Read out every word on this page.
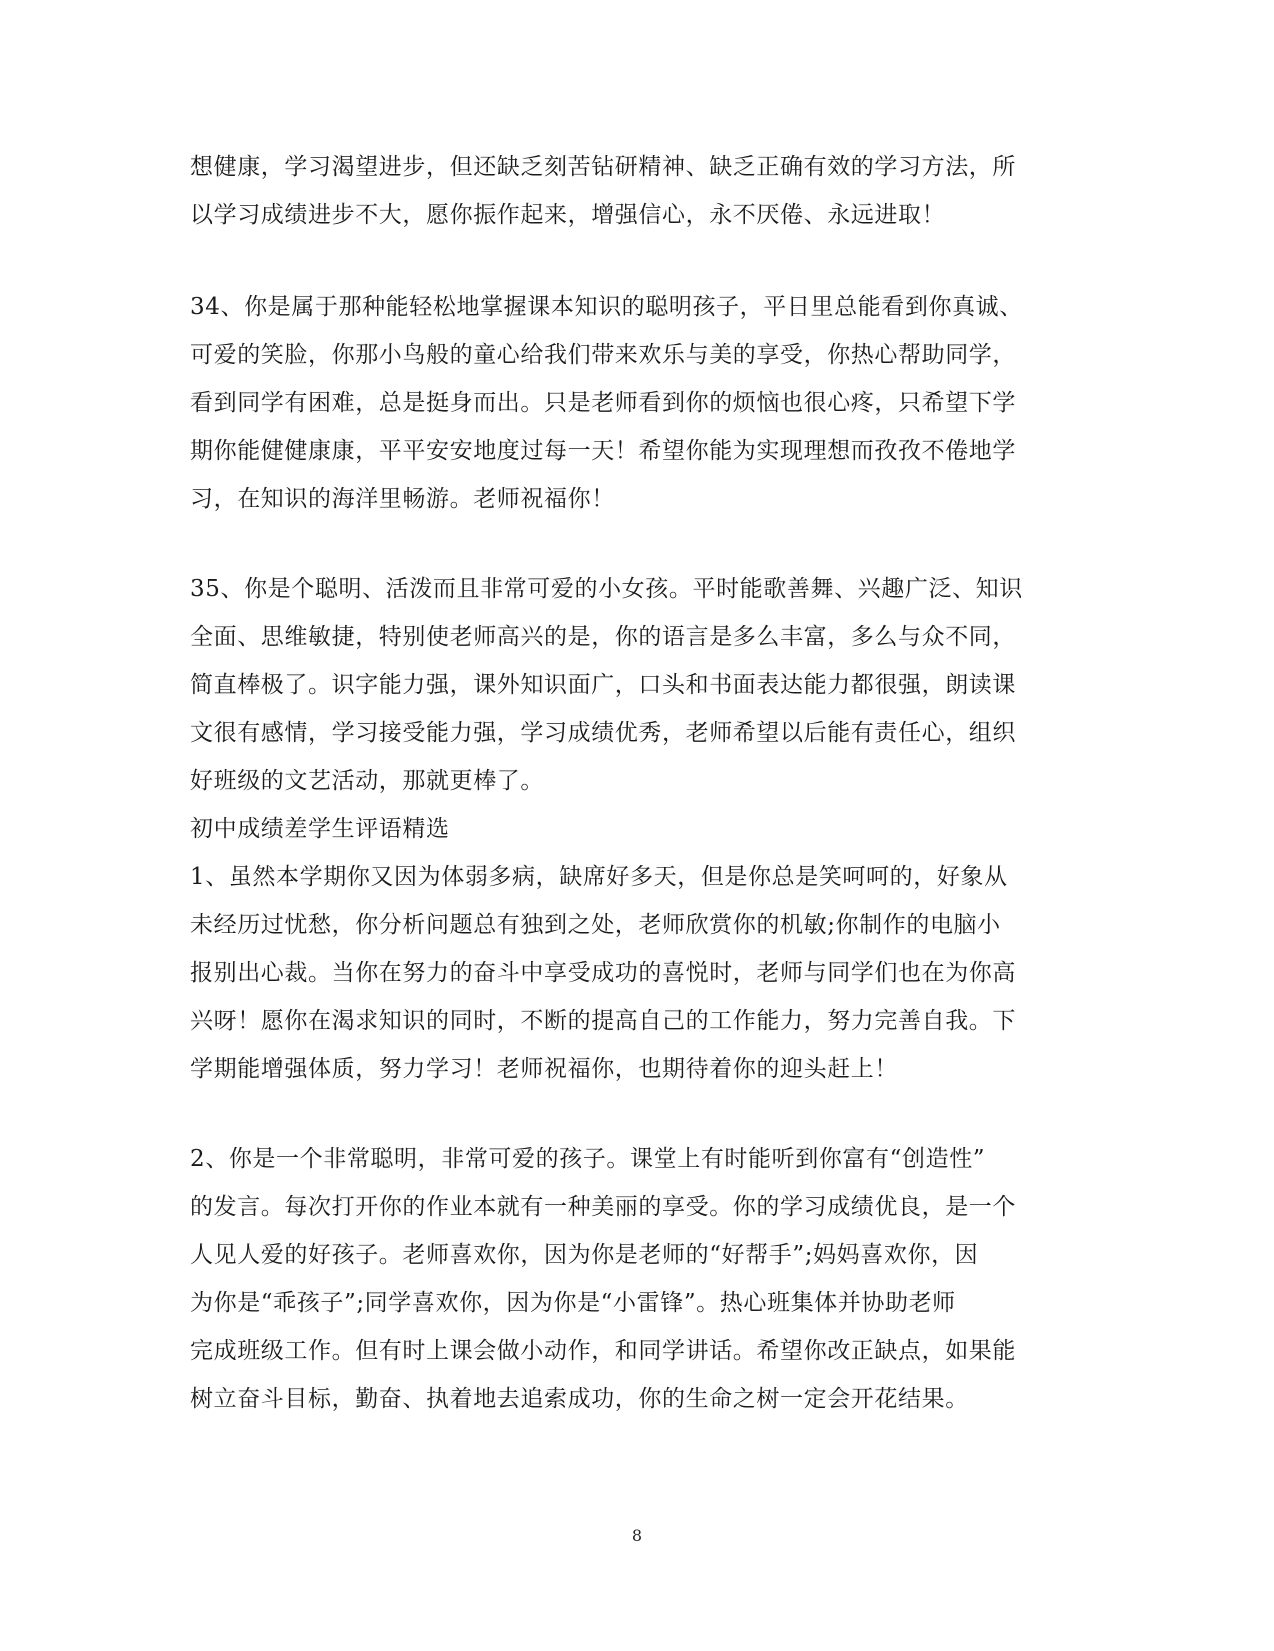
想健康，学习渴望进步，但还缺乏刻苦钻研精神、缺乏正确有效的学习方法，所
以学习成绩进步不大，愿你振作起来，增强信心，永不厌倦、永远进取！
34、你是属于那种能轻松地掌握课本知识的聪明孩子，平日里总能看到你真诚、
可爱的笑脸，你那小鸟般的童心给我们带来欢乐与美的享受，你热心帮助同学，
看到同学有困难，总是挺身而出。只是老师看到你的烦恼也很心疼，只希望下学
期你能健健康康，平平安安地度过每一天！希望你能为实现理想而孜孜不倦地学
习，在知识的海洋里畅游。老师祝福你！
35、你是个聪明、活泼而且非常可爱的小女孩。平时能歌善舞、兴趣广泛、知识
全面、思维敏捷，特别使老师高兴的是，你的语言是多么丰富，多么与众不同，
简直棒极了。识字能力强，课外知识面广，口头和书面表达能力都很强，朗读课
文很有感情，学习接受能力强，学习成绩优秀，老师希望以后能有责任心，组织
好班级的文艺活动，那就更棒了。
初中成绩差学生评语精选
1、虽然本学期你又因为体弱多病，缺席好多天，但是你总是笑呵呵的，好象从
未经历过忧愁，你分析问题总有独到之处，老师欣赏你的机敏;你制作的电脑小
报别出心裁。当你在努力的奋斗中享受成功的喜悦时，老师与同学们也在为你高
兴呀！愿你在渴求知识的同时，不断的提高自己的工作能力，努力完善自我。下
学期能增强体质，努力学习！老师祝福你，也期待着你的迎头赶上！
2、你是一个非常聪明，非常可爱的孩子。课堂上有时能听到你富有“创造性”
的发言。每次打开你的作业本就有一种美丽的享受。你的学习成绩优良，是一个
人见人爱的好孩子。老师喜欢你，因为你是老师的“好帮手”;妈妈喜欢你，因
为你是“乖孩子”;同学喜欢你，因为你是“小雷锋”。热心班集体并协助老师
完成班级工作。但有时上课会做小动作，和同学讲话。希望你改正缺点，如果能
树立奋斗目标，勤奋、执着地去追索成功，你的生命之树一定会开花结果。
8
